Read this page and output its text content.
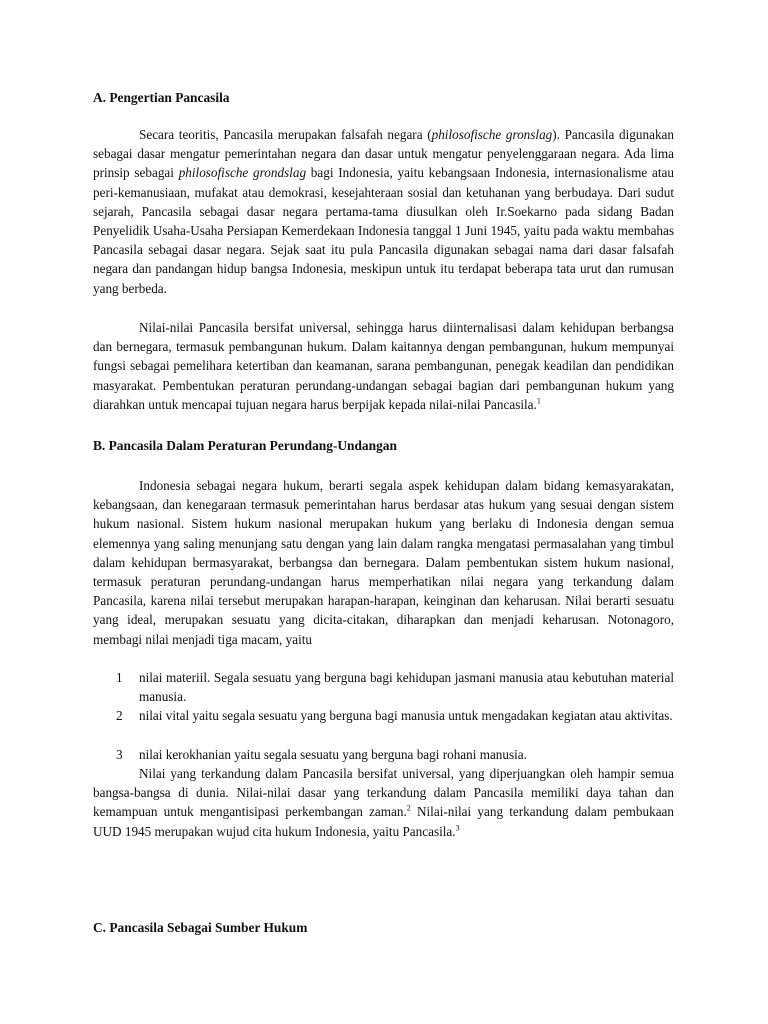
A. Pengertian Pancasila

Secara teoritis, Pancasila merupakan falsafah negara (philosofische gronslag). Pancasila digunakan sebagai dasar mengatur pemerintahan negara dan dasar untuk mengatur penyelenggaraan negara. Ada lima prinsip sebagai philosofische grondslag bagi Indonesia, yaitu kebangsaan Indonesia, internasionalisme atau peri-kemanusiaan, mufakat atau demokrasi, kesejahteraan sosial dan ketuhanan yang berbudaya. Dari sudut sejarah, Pancasila sebagai dasar negara pertama-tama diusulkan oleh Ir.Soekarno pada sidang Badan Penyelidik Usaha-Usaha Persiapan Kemerdekaan Indonesia tanggal 1 Juni 1945, yaitu pada waktu membahas Pancasila sebagai dasar negara. Sejak saat itu pula Pancasila digunakan sebagai nama dari dasar falsafah negara dan pandangan hidup bangsa Indonesia, meskipun untuk itu terdapat beberapa tata urut dan rumusan yang berbeda.

Nilai-nilai Pancasila bersifat universal, sehingga harus diinternalisasi dalam kehidupan berbangsa dan bernegara, termasuk pembangunan hukum. Dalam kaitannya dengan pembangunan, hukum mempunyai fungsi sebagai pemelihara ketertiban dan keamanan, sarana pembangunan, penegak keadilan dan pendidikan masyarakat. Pembentukan peraturan perundang-undangan sebagai bagian dari pembangunan hukum yang diarahkan untuk mencapai tujuan negara harus berpijak kepada nilai-nilai Pancasila.$^1$

B. Pancasila Dalam Peraturan Perundang-Undangan

Indonesia sebagai negara hukum, berarti segala aspek kehidupan dalam bidang kemasyarakatan, kebangsaan, dan kenegaraan termasuk pemerintahan harus berdasar atas hukum yang sesuai dengan sistem hukum nasional. Sistem hukum nasional merupakan hukum yang berlaku di Indonesia dengan semua elemennya yang saling menunjang satu dengan yang lain dalam rangka mengatasi permasalahan yang timbul dalam kehidupan bermasyarakat, berbangsa dan bernegara. Dalam pembentukan sistem hukum nasional, termasuk peraturan perundang-undangan harus memperhatikan nilai negara yang terkandung dalam Pancasila, karena nilai tersebut merupakan harapan-harapan, keinginan dan keharusan. Nilai berarti sesuatu yang ideal, merupakan sesuatu yang dicita-citakan, diharapkan dan menjadi keharusan. Notonagoro, membagi nilai menjadi tiga macam, yaitu

1 nilai materiil. Segala sesuatu yang berguna bagi kehidupan jasmani manusia atau kebutuhan material manusia.
2 nilai vital yaitu segala sesuatu yang berguna bagi manusia untuk mengadakan kegiatan atau aktivitas.
3 nilai kerokhanian yaitu segala sesuatu yang berguna bagi rohani manusia.

Nilai yang terkandung dalam Pancasila bersifat universal, yang diperjuangkan oleh hampir semua bangsa-bangsa di dunia. Nilai-nilai dasar yang terkandung dalam Pancasila memiliki daya tahan dan kemampuan untuk mengantisipasi perkembangan zaman.$^2$ Nilai-nilai yang terkandung dalam pembukaan UUD 1945 merupakan wujud cita hukum Indonesia, yaitu Pancasila.$^3$

C. Pancasila Sebagai Sumber Hukum
